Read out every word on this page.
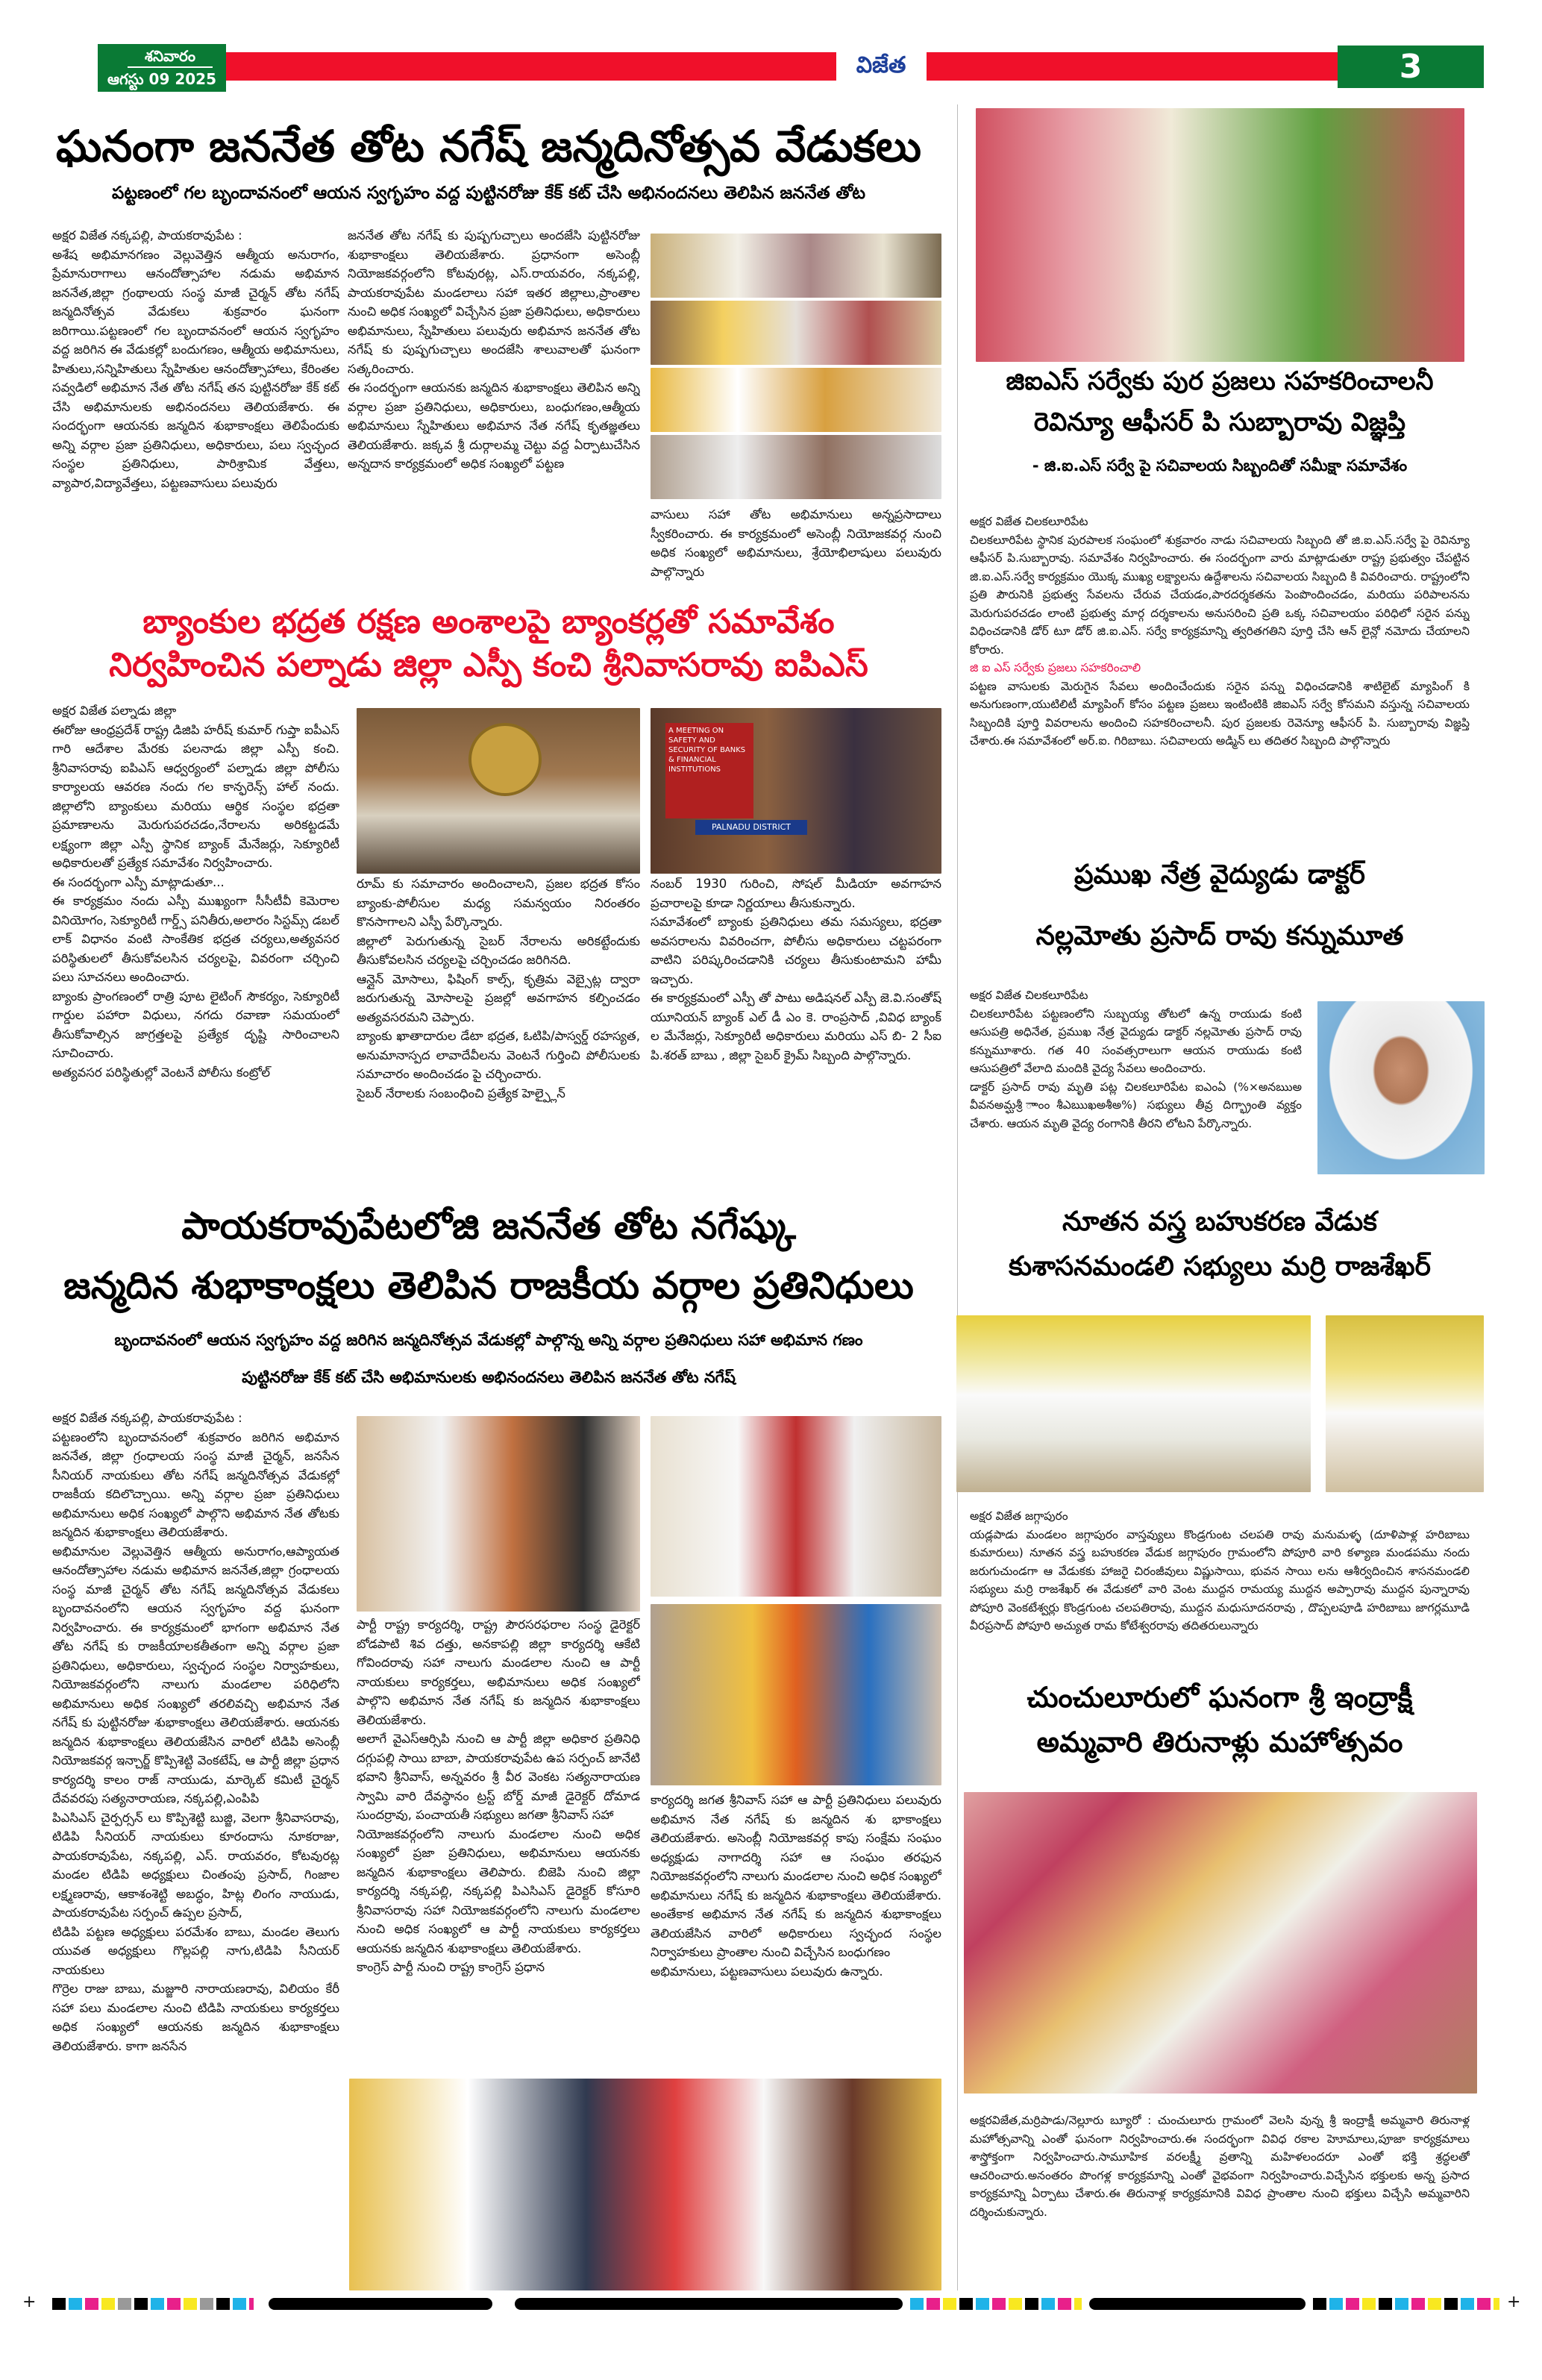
శనివారం
ఆగస్టు 09 2025
విజేత	3
ఘనంగా జననేత తోట నగేష్ జన్మదినోత్సవ వేడుకలు
పట్టణంలో గల బృందావనంలో ఆయన స్వగృహం వద్ద పుట్టినరోజు కేక్ కట్ చేసి అభినందనలు తెలిపిన జననేత తోట

అక్షర విజేత నక్కపల్లి, పాయకరావుపేట :

అశేష అభిమానగణం వెల్లువెత్తిన ఆత్మీయ అనురాగం, ప్రేమానురాగాలు ఆనందోత్సాహాల నడుమ అభిమాన జననేత,జిల్లా గ్రంథాలయ సంస్థ మాజీ చైర్మన్ తోట నగేష్ జన్మదినోత్సవ వేడుకలు శుక్రవారం ఘనంగా జరిగాయి.పట్టణంలో గల బృందావనంలో ఆయన స్వగృహం వద్ద జరిగిన ఈ వేడుకల్లో బందుగణం, ఆత్మీయ అభిమానులు, హితులు,సన్నిహితులు స్నేహితుల ఆనందోత్సాహాలు, కేరింతల సవ్వడిలో అభిమాన నేత తోట నగేష్ తన పుట్టినరోజు కేక్ కట్ చేసి అభిమానులకు అభినందనలు తెలియజేశారు. ఈ సందర్భంగా ఆయనకు జన్మదిన శుభాకాంక్షలు తెలిపేందుకు అన్ని వర్గాల ప్రజా ప్రతినిధులు, అధికారులు, పలు స్వచ్ఛంద సంస్థల ప్రతినిధులు, పారిశ్రామిక వేత్తలు, వ్యాపార,విద్యావేత్తలు, పట్టణవాసులు పలువురు

జననేత తోట నగేష్ కు పుష్పగుచ్చాలు అందజేసి పుట్టినరోజు శుభాకాంక్షలు తెలియజేశారు. ప్రధానంగా అసెంబ్లీ నియోజకవర్గంలోని కోటవురట్ల, ఎస్.రాయవరం, నక్కపల్లి, పాయకరావుపేట మండలాలు సహా ఇతర జిల్లాలు,ప్రాంతాల నుంచి అధిక సంఖ్యలో విచ్చేసిన ప్రజా ప్రతినిధులు, అధికారులు అభిమానులు, స్నేహితులు పలువురు అభిమాన జననేత తోట నగేష్ కు పుష్పగుచ్చాలు అందజేసి శాలువాలతో ఘనంగా సత్కరించారు.

ఈ సందర్భంగా ఆయనకు జన్మదిన శుభాకాంక్షలు తెలిపిన అన్ని వర్గాల ప్రజా ప్రతినిధులు, అధికారులు, బంధుగణం,ఆత్మీయ అభిమానులు స్నేహితులు అభిమాన నేత నగేష్ కృతజ్ఞతలు తెలియజేశారు. జక్కవ శ్రీ దుర్గాలమ్మ చెట్టు వద్ద ఏర్పాటుచేసిన అన్నదాన కార్యక్రమంలో అధిక సంఖ్యలో పట్టణ

వాసులు సహా తోట అభిమానులు అన్నప్రసాదాలు స్వీకరించారు. ఈ కార్యక్రమంలో అసెంబ్లీ నియోజకవర్గ నుంచి అధిక సంఖ్యలో అభిమానులు, శ్రేయోభిలాషులు పలువురు పాల్గొన్నారు

బ్యాంకుల భద్రత రక్షణ అంశాలపై బ్యాంకర్లతో సమావేశం
నిర్వహించిన పల్నాడు జిల్లా ఎస్పీ కంచి శ్రీనివాసరావు ఐపిఎస్

అక్షర విజేత పల్నాడు జిల్లా

ఈరోజు ఆంధ్రప్రదేశ్ రాష్ట్ర డిజిపి హరీష్ కుమార్ గుప్తా ఐపీఎస్ గారి ఆదేశాల మేరకు పలనాడు జిల్లా ఎస్పీ కంచి. శ్రీనివాసరావు ఐపిఎస్ ఆధ్వర్యంలో పల్నాడు జిల్లా పోలీసు కార్యాలయ ఆవరణ నందు గల కాన్ఫరెన్స్ హాల్ నందు. జిల్లాలోని బ్యాంకులు మరియు ఆర్థిక సంస్థల భద్రతా ప్రమాణాలను మెరుగుపరచడం,నేరాలను అరికట్టడమే లక్ష్యంగా జిల్లా ఎస్పీ స్థానిక బ్యాంక్ మేనేజర్లు, సెక్యూరిటీ అధికారులతో ప్రత్యేక సమావేశం నిర్వహించారు.

ఈ సందర్భంగా ఎస్పీ మాట్లాడుతూ...

ఈ కార్యక్రమం నందు ఎస్పీ ముఖ్యంగా సీసీటీవీ కెమెరాల వినియోగం, సెక్యూరిటీ గార్డ్స్ పనితీరు,అలారం సిస్టమ్స్ డబల్ లాక్ విధానం వంటి సాంకేతిక భద్రత చర్యలు,అత్యవసర పరిస్థితులలో తీసుకోవలసిన చర్యలపై, వివరంగా చర్చించి పలు సూచనలు అందించారు.

బ్యాంకు ప్రాంగణంలో రాత్రి పూట లైటింగ్ సౌకర్యం, సెక్యూరిటీ గార్డుల పహారా విధులు, నగదు రవాణా సమయంలో తీసుకోవాల్సిన జాగ్రత్తలపై ప్రత్యేక దృష్టి సారించాలని సూచించారు.

అత్యవసర పరిస్థితుల్లో వెంటనే పోలీసు కంట్రోల్

A MEETING ON SAFETY AND SECURITY OF BANKS & FINANCIAL INSTITUTIONS
PALNADU DISTRICT

రూమ్ కు సమాచారం అందించాలని, ప్రజల భద్రత కోసం బ్యాంకు-పోలీసుల మధ్య సమన్వయం నిరంతరం కొనసాగాలని ఎస్పీ పేర్కొన్నారు.

జిల్లాలో పెరుగుతున్న సైబర్ నేరాలను అరికట్టేందుకు తీసుకోవలసిన చర్యలపై చర్చించడం జరిగినది.

ఆన్లైన్ మోసాలు, ఫిషింగ్ కాల్స్, కృత్రిమ వెబ్సైట్ల ద్వారా జరుగుతున్న మోసాలపై ప్రజల్లో అవగాహన కల్పించడం అత్యవసరమని చెప్పారు.

బ్యాంకు ఖాతాదారుల డేటా భద్రత, ఓటిపి/పాస్వర్డ్ రహస్యత, అనుమానాస్పద లావాదేవీలను వెంటనే గుర్తించి పోలీసులకు సమాచారం అందించడం పై చర్చించారు.

సైబర్ నేరాలకు సంబంధించి ప్రత్యేక హెల్ప్లైన్

నంబర్ 1930 గురించి, సోషల్ మీడియా అవగాహన ప్రచారాలపై కూడా నిర్ణయాలు తీసుకున్నారు.

సమావేశంలో బ్యాంకు ప్రతినిధులు తమ సమస్యలు, భద్రతా అవసరాలను వివరించగా, పోలీసు అధికారులు చట్టపరంగా వాటిని పరిష్కరించడానికి చర్యలు తీసుకుంటామని హామీ ఇచ్చారు.

ఈ కార్యక్రమంలో ఎస్పీ తో పాటు అడిషనల్ ఎస్పీ జె.వి.సంతోష్ యూనియన్ బ్యాంక్ ఎల్ డీ ఎం కె. రాంప్రసాద్ ,వివిధ బ్యాంక్ ల మేనేజర్లు, సెక్యూరిటీ అధికారులు మరియు ఎస్ బి- 2 సీఐ పి.శరత్ బాబు , జిల్లా సైబర్ క్రైమ్ సిబ్బంది పాల్గొన్నారు.

పాయకరావుపేటలోజి జననేత తోట నగేష్కు
జన్మదిన శుభాకాంక్షలు తెలిపిన రాజకీయ వర్గాల ప్రతినిధులు
బృందావనంలో ఆయన స్వగృహం వద్ద జరిగిన జన్మదినోత్సవ వేడుకల్లో పాల్గొన్న అన్ని వర్గాల ప్రతినిధులు సహా అభిమాన గణం
పుట్టినరోజు కేక్ కట్ చేసి అభిమానులకు అభినందనలు తెలిపిన జననేత తోట నగేష్

అక్షర విజేత నక్కపల్లి, పాయకరావుపేట :

పట్టణంలోని బృందావనంలో శుక్రవారం జరిగిన అభిమాన జననేత, జిల్లా గ్రంధాలయ సంస్థ మాజీ చైర్మన్, జనసేన సీనియర్ నాయకులు తోట నగేష్ జన్మదినోత్సవ వేడుకల్లో రాజకీయ కదిలొచ్చాయి. అన్ని వర్గాల ప్రజా ప్రతినిధులు అభిమానులు అధిక సంఖ్యలో పాల్గొని అభిమాన నేత తోటకు జన్మదిన శుభాకాంక్షలు తెలియజేశారు.

అభిమానుల వెల్లువెత్తిన ఆత్మీయ అనురాగం,ఆప్యాయత ఆనందోత్సాహాల నడుమ అభిమాన జననేత,జిల్లా గ్రంధాలయ సంస్థ మాజీ చైర్మన్ తోట నగేష్ జన్మదినోత్సవ వేడుకలు బృందావనంలోని ఆయన స్వగృహం వద్ద ఘనంగా నిర్వహించారు. ఈ కార్యక్రమంలో భాగంగా అభిమాన నేత తోట నగేష్ కు రాజకీయాలకతీతంగా అన్ని వర్గాల ప్రజా ప్రతినిధులు, అధికారులు, స్వచ్ఛంద సంస్థల నిర్వాహకులు, నియోజకవర్గంలోని నాలుగు మండలాల పరిధిలోని అభిమానులు అధిక సంఖ్యలో తరలివచ్చి అభిమాన నేత నగేష్ కు పుట్టినరోజు శుభాకాంక్షలు తెలియజేశారు. ఆయనకు జన్మదిన శుభాకాంక్షలు తెలియజేసిన వారిలో టిడిపి అసెంబ్లీ నియోజకవర్గ ఇన్చార్జ్ కొప్పిశెట్టి వెంకటేష్, ఆ పార్టీ జిల్లా ప్రధాన కార్యదర్శి కాలం రాజ్ నాయుడు, మార్కెట్ కమిటీ చైర్మన్ దేవవరపు సత్యనారాయణ, నక్కపల్లి,ఎంపిపి

పిఎసిఎస్ చైర్పర్సన్ లు కొప్పిశెట్టి బుజ్జి, వెలగా శ్రీనివాసరావు, టిడిపి సీనియర్ నాయకులు కూరందాసు నూకరాజు, పాయకరావుపేట, నక్కపల్లి, ఎస్. రాయవరం, కోటవురట్ల మండల టిడిపి అధ్యక్షులు చింతంపు ప్రసాద్, గింజాల లక్ష్మణరావు, ఆకాశంశెట్టి అబద్ధం, హిట్ల లింగం నాయుడు, పాయకరావుపేట సర్పంచ్ ఉప్పల ప్రసాద్,

టిడిపి పట్టణ అధ్యక్షులు పరమేశం బాబు, మండల తెలుగు యువత అధ్యక్షులు గొల్లపల్లి నాగు,టిడిపి సీనియర్ నాయకులు

గొర్రెల రాజు బాబు, మజ్జూరి నారాయణరావు, విలియం కేరీ సహా పలు మండలాల నుంచి టిడిపి నాయకులు కార్యకర్తలు అధిక సంఖ్యలో ఆయనకు జన్మదిన శుభాకాంక్షలు తెలియజేశారు. కాగా జనసేన

పార్టీ రాష్ట్ర కార్యదర్శి, రాష్ట్ర పౌరసరఫరాల సంస్థ డైరెక్టర్ బోడపాటి శివ దత్తు, అనకాపల్లి జిల్లా కార్యదర్శి ఆకేటి గోవిందరావు సహా నాలుగు మండలాల నుంచి ఆ పార్టీ నాయకులు కార్యకర్తలు, అభిమానులు అధిక సంఖ్యలో పాల్గొని అభిమాన నేత నగేష్ కు జన్మదిన శుభాకాంక్షలు తెలియజేశారు.

అలాగే వైఎస్ఆర్సిపి నుంచి ఆ పార్టీ జిల్లా అధికార ప్రతినిధి దగ్గుపల్లి సాయి బాబా, పాయకరావుపేట ఉప సర్పంచ్ జానేటి భవాని శ్రీనివాస్, అన్నవరం శ్రీ వీర వెంకట సత్యనారాయణ స్వామి వారి దేవస్థానం ట్రస్ట్ బోర్డ్ మాజీ డైరెక్టర్ దోమాడ సుందర్రావు, పంచాయతీ సభ్యులు జగతా శ్రీనివాస్ సహా

నియోజకవర్గంలోని నాలుగు మండలాల నుంచి అధిక సంఖ్యలో ప్రజా ప్రతినిధులు, అభిమానులు ఆయనకు జన్మదిన శుభాకాంక్షలు తెలిపారు. బిజెపి నుంచి జిల్లా కార్యదర్శి నక్కపల్లి, నక్కపల్లి పిఎసిఎస్ డైరెక్టర్ కోసూరి శ్రీనివాసరావు సహా నియోజకవర్గంలోని నాలుగు మండలాల నుంచి అధిక సంఖ్యలో ఆ పార్టీ నాయకులు కార్యకర్తలు ఆయనకు జన్మదిన శుభాకాంక్షలు తెలియజేశారు.

కాంగ్రెస్ పార్టీ నుంచి రాష్ట్ర కాంగ్రెస్ ప్రధాన

కార్యదర్శి జగత శ్రీనివాస్ సహా ఆ పార్టీ ప్రతినిధులు పలువురు అభిమాన నేత నగేష్ కు జన్మదిన శు భాకాంక్షలు తెలియజేశారు. అసెంబ్లీ నియోజకవర్గ కాపు సంక్షేమ సంఘం అధ్యక్షుడు నాగాదర్శి సహా ఆ సంఘం తరఫున నియోజకవర్గంలోని నాలుగు మండలాల నుంచి అధిక సంఖ్యలో అభిమానులు నగేష్ కు జన్మదిన శుభాకాంక్షలు తెలియజేశారు. అంతేకాక అభిమాన నేత నగేష్ కు జన్మదిన శుభాకాంక్షలు తెలియజేసిన వారిలో అధికారులు స్వచ్ఛంద సంస్థల నిర్వాహకులు ప్రాంతాల నుంచి విచ్చేసిన బంధుగణం

అభిమానులు, పట్టణవాసులు పలువురు ఉన్నారు.

జిఐఎస్ సర్వేకు పుర ప్రజలు సహకరించాలనీ
రెవిన్యూ ఆఫీసర్ పి సుబ్బారావు విజ్ఞప్తి
- జి.ఐ.ఎస్ సర్వే పై సచివాలయ సిబ్బందితో సమీక్షా సమావేశం

అక్షర విజేత చిలకలూరిపేట

చిలకలూరిపేట స్థానిక పురపాలక సంఘంలో శుక్రవారం నాడు సచివాలయ సిబ్బంది తో జి.ఐ.ఎస్.సర్వే పై రెవిన్యూ ఆఫీసర్ పి.సుబ్బారావు. సమావేశం నిర్వహించారు. ఈ సందర్భంగా వారు మాట్లాడుతూ రాష్ట్ర ప్రభుత్వం చేపట్టిన జి.ఐ.ఎస్.సర్వే కార్యక్రమం యొక్క ముఖ్య లక్ష్యాలను ఉద్దేశాలను సచివాలయ సిబ్బంది కి వివరించారు. రాష్ట్రంలోని ప్రతి పౌరునికి ప్రభుత్వ సేవలను చేరువ చేయడం,పారదర్శకతను పెంపొందించడం, మరియు పరిపాలనను మెరుగుపరచడం లాంటి ప్రభుత్వ మార్గ దర్శకాలను అనుసరించి ప్రతి ఒక్క సచివాలయం పరిధిలో సరైన పన్ను విధించడానికి డోర్ టూ డోర్ జి.ఐ.ఎస్. సర్వే కార్యక్రమాన్ని త్వరితగతిని పూర్తి చేసి ఆన్ లైన్లో నమోదు చేయాలని కోరారు.

జి ఐ ఎస్ సర్వేకు ప్రజలు సహకరించాలి

పట్టణ వాసులకు మెరుగైన సేవలు అందించేందుకు సరైన పన్ను విధించడానికి శాటిలైట్ మ్యాపింగ్ కి అనుగుణంగా,యుటిలిటీ మ్యాపింగ్ కోసం పట్టణ ప్రజలు ఇంటింటికి జిఐఎస్ సర్వే కోసమని వస్తున్న సచివాలయ సిబ్బందికి పూర్తి వివరాలను అందించి సహకరించాలనీ. పుర ప్రజలకు రెవెన్యూ ఆఫీసర్ పి. సుబ్బారావు విజ్ఞప్తి చేశారు.ఈ సమావేశంలో అర్.ఐ. గిరిబాబు. సచివాలయ అడ్మిన్ లు తదితర సిబ్బంది పాల్గొన్నారు

ప్రముఖ నేత్ర వైద్యుడు డాక్టర్
నల్లమోతు ప్రసాద్ రావు కన్నుమూత

అక్షర విజేత చిలకలూరిపేట

చిలకలూరిపేట పట్టణంలోని సుబ్బయ్య తోటలో ఉన్న రాయుడు కంటి ఆసుపత్రి అధినేత, ప్రముఖ నేత్ర వైద్యుడు డాక్టర్ నల్లమోతు ప్రసాద్ రావు కన్నుమూశారు. గత 40 సంవత్సరాలుగా ఆయన రాయుడు కంటి ఆసుపత్రిలో వేలాది మందికి వైద్య సేవలు అందించారు.

డాక్టర్ ప్రసాద్ రావు మృతి పట్ల చిలకలూరిపేట ఐఎంఏ (%×అనఋఅ వీవనఅమ్ఘశ్రీ ాాంంశీఎఋఖఅశీఅ%) సభ్యులు తీవ్ర దిగ్భ్రాంతి వ్యక్తం చేశారు. ఆయన మృతి వైద్య రంగానికి తీరని లోటని పేర్కొన్నారు.

నూతన వస్త్ర బహుకరణ వేడుక
కుశాసనమండలి సభ్యులు మర్రి రాజశేఖర్

అక్షర విజేత జగ్గాపురం

యడ్లపాడు మండలం జగ్గాపురం వాస్తవ్యులు కొండ్రగుంట చలపతి రావు మనుమళ్ళ (దూళిపాళ్ల హరిబాబు కుమారులు) నూతన వస్త్ర బహుకరణ వేడుక జగ్గాపురం గ్రామంలోని పోపూరి వారి కళ్యాణ మండపము నందు జరుగుచుండగా ఆ వేడుకకు హాజరై చిరంజీవులు విష్ణుసాయి, భువన సాయి లను ఆశీర్వదించిన శాసనమండలి సభ్యులు మర్రి రాజశేఖర్ ఈ వేడుకలో వారి వెంట ముద్దన రామయ్య ముద్దన అప్పారావు ముద్దన పున్నారావు పోపూరి వెంకటేశ్వర్లు కొండ్రగుంట చలపతిరావు, ముద్దన మధుసూదనరావు , దొప్పలపూడి హరిబాబు జాగర్లమూడి వీరప్రసాద్ పోపూరి అచ్యుత రామ కోటేశ్వరరావు తదితరులున్నారు

చుంచులూరులో ఘనంగా శ్రీ ఇంద్రాక్షీ
అమ్మవారి తిరునాళ్లు మహోత్సవం

అక్షరవిజేత,మర్రిపాడు/నెల్లూరు బ్యూరో : చుంచులూరు గ్రామంలో వెలసి వున్న శ్రీ ఇంద్రాక్షీ అమ్మవారి తిరునాళ్ల మహోత్సవాన్ని ఎంతో ఘనంగా నిర్వహించారు.ఈ సందర్భంగా వివిధ రకాల హెూమాలు,పూజా కార్యక్రమాలు శాస్త్రోక్తంగా నిర్వహించారు.సామూహిక వరలక్ష్మీ వ్రతాన్ని మహిళలందరూ ఎంతో భక్తి శ్రద్ధలతో ఆచరించారు.అనంతరం పొంగళ్ల కార్యక్రమాన్ని ఎంతో వైభవంగా నిర్వహించారు.విచ్చేసిన భక్తులకు అన్న ప్రసాద కార్యక్రమాన్ని ఏర్పాటు చేశారు.ఈ తిరునాళ్ల కార్యక్రమానికి వివిధ ప్రాంతాల నుంచి భక్తులు విచ్చేసి అమ్మవారిని దర్శించుకున్నారు.

+	+
